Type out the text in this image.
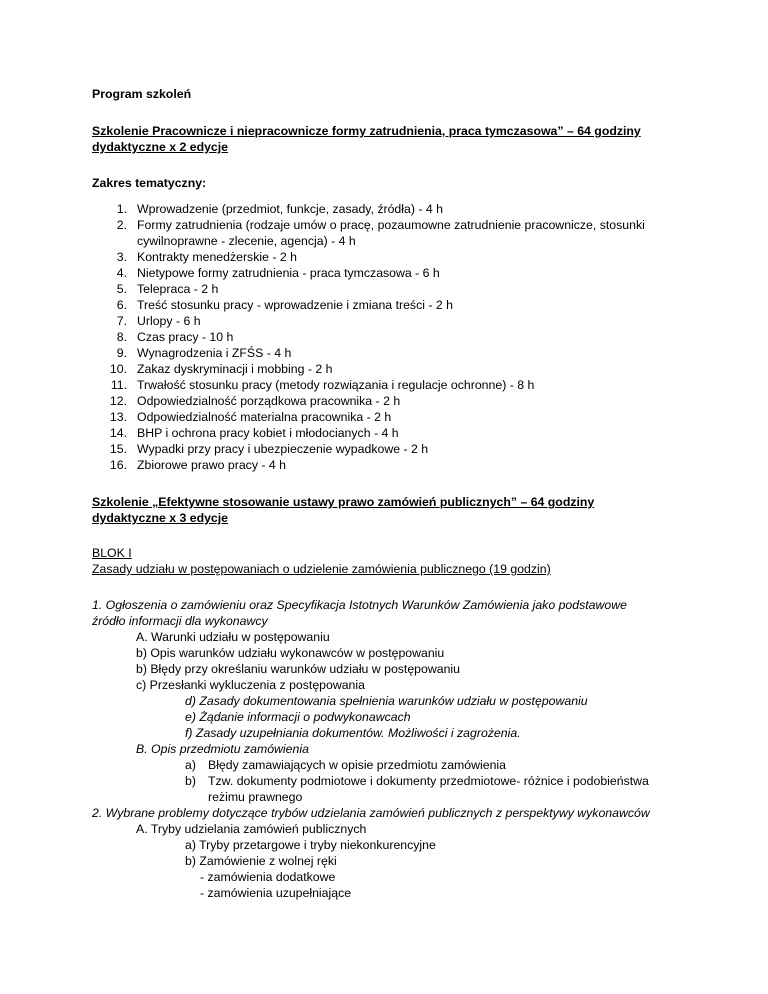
Program szkoleń
Szkolenie Pracownicze i niepracownicze formy zatrudnienia, praca tymczasowa” – 64 godziny
dydaktyczne x 2 edycje
Zakres tematyczny:
1. Wprowadzenie (przedmiot, funkcje, zasady, źródła) - 4 h
2. Formy zatrudnienia (rodzaje umów o pracę, pozaumowne zatrudnienie pracownicze, stosunki
cywilnoprawne - zlecenie, agencja) - 4 h
3. Kontrakty menedżerskie - 2 h
4. Nietypowe formy zatrudnienia - praca tymczasowa - 6 h
5. Telepraca - 2 h
6. Treść stosunku pracy - wprowadzenie i zmiana treści - 2 h
7. Urlopy - 6 h
8. Czas pracy - 10 h
9. Wynagrodzenia i ZFŚS - 4 h
10. Zakaz dyskryminacji i mobbing - 2 h
11. Trwałość stosunku pracy (metody rozwiązania i regulacje ochronne) - 8 h
12. Odpowiedzialność porządkowa pracownika - 2 h
13. Odpowiedzialność materialna pracownika - 2 h
14. BHP i ochrona pracy kobiet i młodocianych - 4 h
15. Wypadki przy pracy i ubezpieczenie wypadkowe - 2 h
16. Zbiorowe prawo pracy - 4 h
Szkolenie „Efektywne stosowanie ustawy prawo zamówień publicznych” – 64 godziny
dydaktyczne x 3 edycje
BLOK I
Zasady udziału w postępowaniach o udzielenie zamówienia publicznego (19 godzin)
1. Ogłoszenia o zamówieniu oraz Specyfikacja Istotnych Warunków Zamówienia jako podstawowe
źródło informacji dla wykonawcy
A. Warunki udziału w postępowaniu
b) Opis warunków udziału wykonawców w postępowaniu
b) Błędy przy określaniu warunków udziału w postępowaniu
c) Przesłanki wykluczenia z postępowania
d) Zasady dokumentowania spełnienia warunków udziału w postępowaniu
e) Żądanie informacji o podwykonawcach
f) Zasady uzupełniania dokumentów. Możliwości i zagrożenia.
B. Opis przedmiotu zamówienia
a) Błędy zamawiających w opisie przedmiotu zamówienia
b) Tzw. dokumenty podmiotowe i dokumenty przedmiotowe- różnice i podobieństwa
reżimu prawnego
2. Wybrane problemy dotyczące trybów udzielania zamówień publicznych z perspektywy wykonawców
A. Tryby udzielania zamówień publicznych
a) Tryby przetargowe i tryby niekonkurencyjne
b) Zamówienie z wolnej ręki
- zamówienia dodatkowe
- zamówienia uzupełniające
